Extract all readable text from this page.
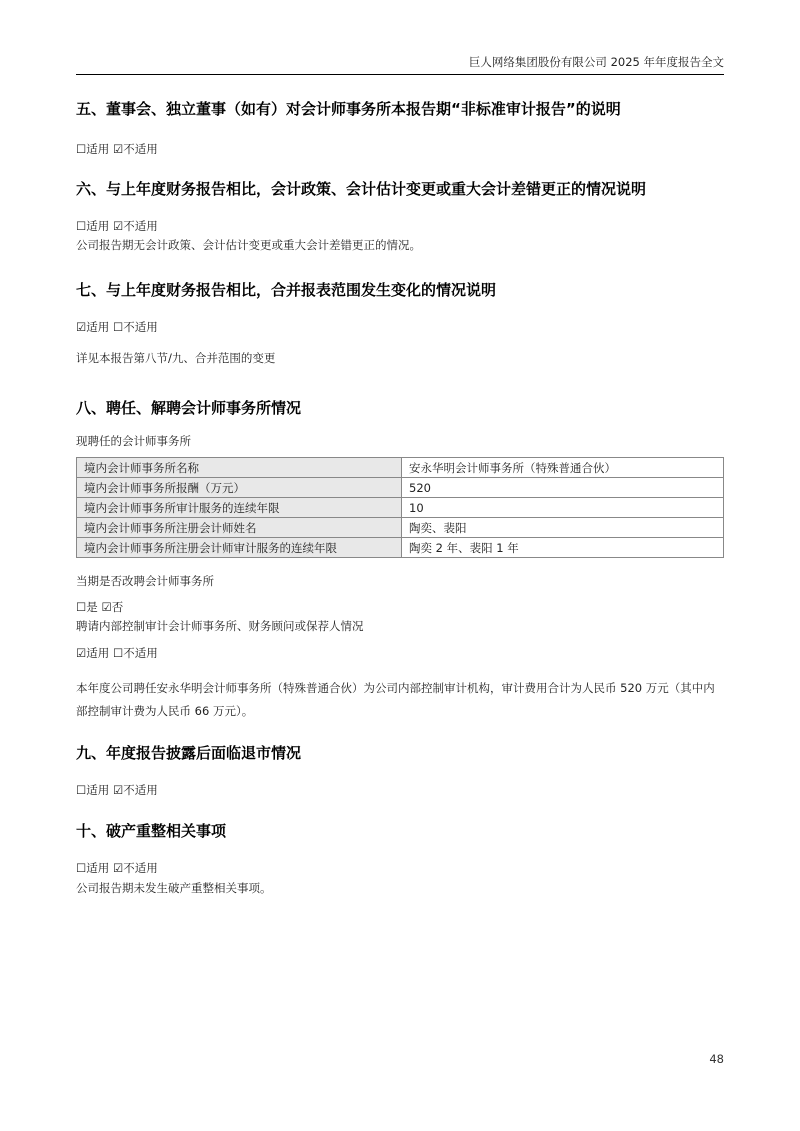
巨人网络集团股份有限公司 2025 年年度报告全文
五、董事会、独立董事（如有）对会计师事务所本报告期“非标准审计报告”的说明
☐适用 ☑不适用
六、与上年度财务报告相比，会计政策、会计估计变更或重大会计差错更正的情况说明
☐适用 ☑不适用
公司报告期无会计政策、会计估计变更或重大会计差错更正的情况。
七、与上年度财务报告相比，合并报表范围发生变化的情况说明
☑适用 ☐不适用
详见本报告第八节/九、合并范围的变更
八、聘任、解聘会计师事务所情况
现聘任的会计师事务所
境内会计师事务所名称	安永华明会计师事务所（特殊普通合伙）
境内会计师事务所报酬（万元）	520
境内会计师事务所审计服务的连续年限	10
境内会计师事务所注册会计师姓名	陶奕、裴阳
境内会计师事务所注册会计师审计服务的连续年限	陶奕 2 年、裴阳 1 年
当期是否改聘会计师事务所
☐是 ☑否
聘请内部控制审计会计师事务所、财务顾问或保荐人情况
☑适用 ☐不适用
本年度公司聘任安永华明会计师事务所（特殊普通合伙）为公司内部控制审计机构，审计费用合计为人民币 520 万元（其中内部控制审计费为人民币 66 万元）。
九、年度报告披露后面临退市情况
☐适用 ☑不适用
十、破产重整相关事项
☐适用 ☑不适用
公司报告期未发生破产重整相关事项。
48
